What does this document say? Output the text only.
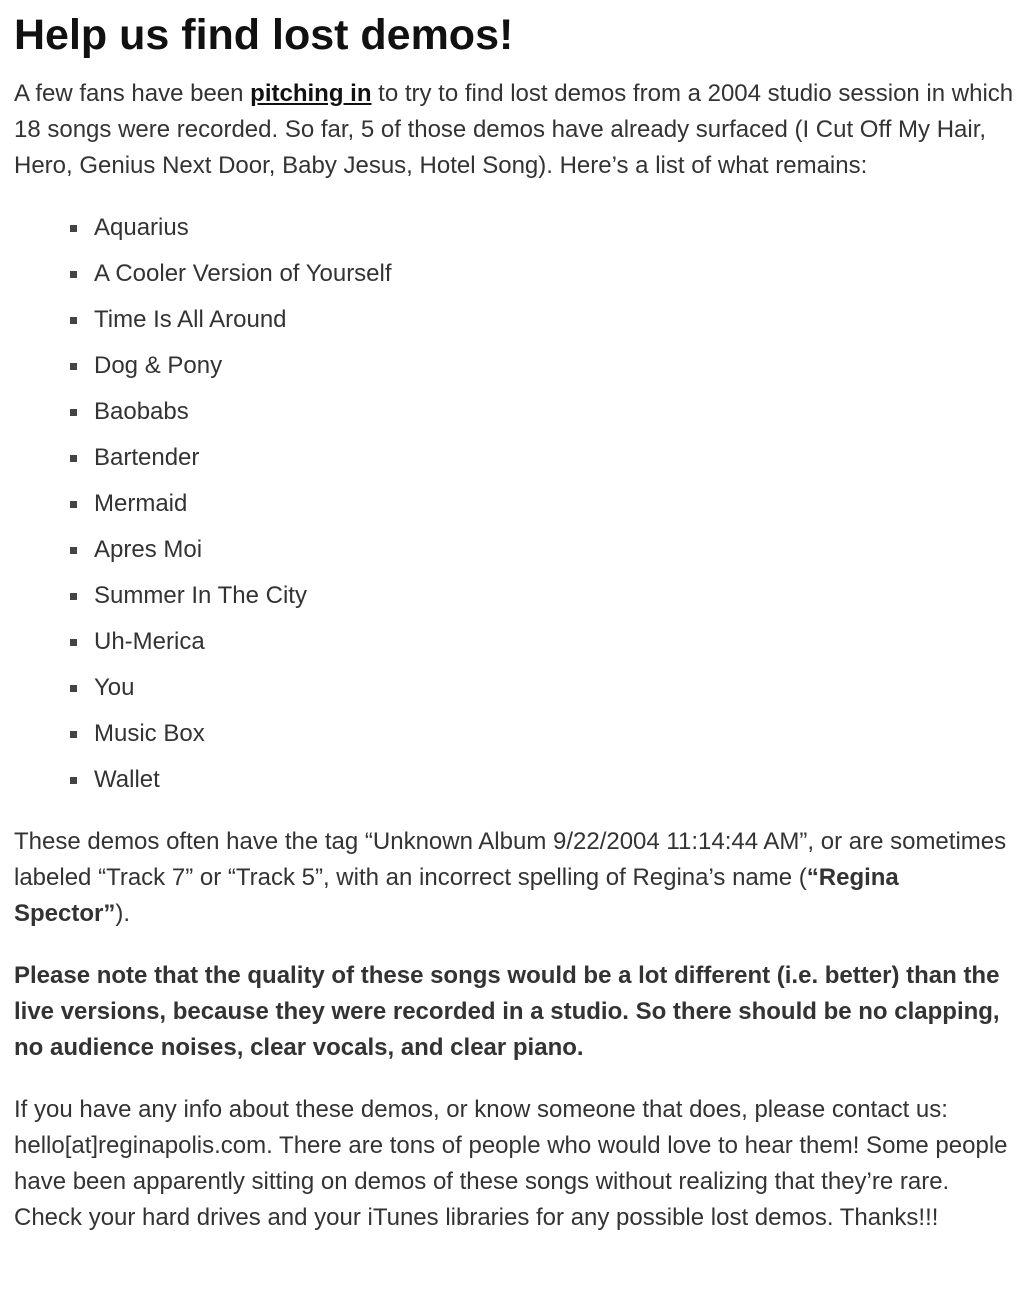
Help us find lost demos!

A few fans have been pitching in to try to find lost demos from a 2004 studio session in which 18 songs were recorded. So far, 5 of those demos have already surfaced (I Cut Off My Hair, Hero, Genius Next Door, Baby Jesus, Hotel Song). Here’s a list of what remains:

Aquarius
A Cooler Version of Yourself
Time Is All Around
Dog & Pony
Baobabs
Bartender
Mermaid
Apres Moi
Summer In The City
Uh-Merica
You
Music Box
Wallet

These demos often have the tag “Unknown Album 9/22/2004 11:14:44 AM”, or are sometimes labeled “Track 7” or “Track 5”, with an incorrect spelling of Regina’s name (“Regina Spector”).

Please note that the quality of these songs would be a lot different (i.e. better) than the live versions, because they were recorded in a studio. So there should be no clapping, no audience noises, clear vocals, and clear piano.

If you have any info about these demos, or know someone that does, please contact us: hello[at]reginapolis.com. There are tons of people who would love to hear them! Some people have been apparently sitting on demos of these songs without realizing that they’re rare. Check your hard drives and your iTunes libraries for any possible lost demos. Thanks!!!
